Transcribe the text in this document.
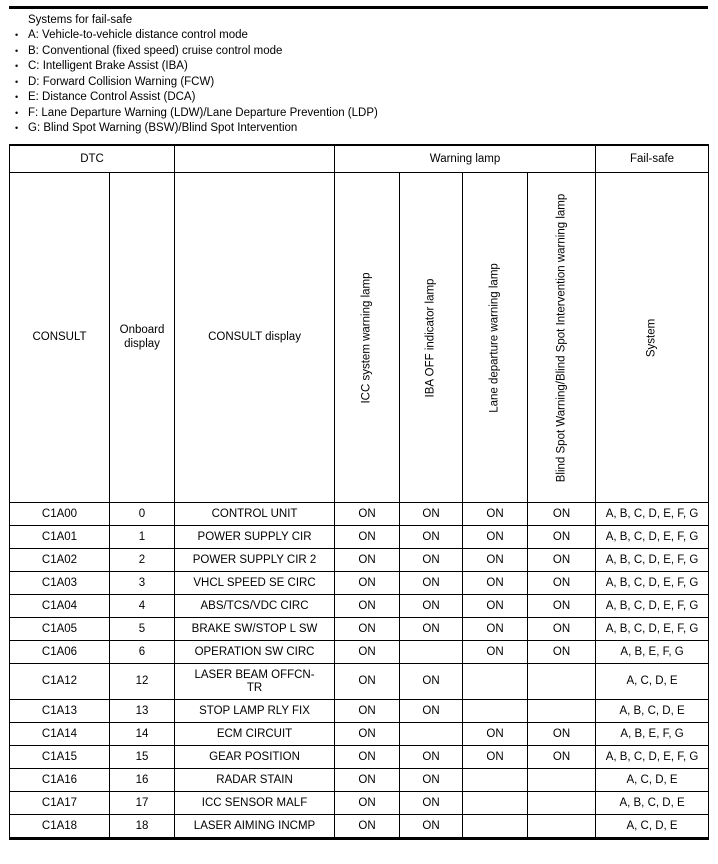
Systems for fail-safe
• A: Vehicle-to-vehicle distance control mode
• B: Conventional (fixed speed) cruise control mode
• C: Intelligent Brake Assist (IBA)
• D: Forward Collision Warning (FCW)
• E: Distance Control Assist (DCA)
• F: Lane Departure Warning (LDW)/Lane Departure Prevention (LDP)
• G: Blind Spot Warning (BSW)/Blind Spot Intervention
DTC			Warning lamp				Fail-safe

CONSULT	Onboard
display	CONSULT display	ICC system warning lamp	IBA OFF indicator lamp	Lane departure warning lamp	Blind Spot Warning/Blind Spot Intervention warning lamp	System

C1A00	0	CONTROL UNIT	ON	ON	ON	ON	A, B, C, D, E, F, G
C1A01	1	POWER SUPPLY CIR	ON	ON	ON	ON	A, B, C, D, E, F, G
C1A02	2	POWER SUPPLY CIR 2	ON	ON	ON	ON	A, B, C, D, E, F, G
C1A03	3	VHCL SPEED SE CIRC	ON	ON	ON	ON	A, B, C, D, E, F, G
C1A04	4	ABS/TCS/VDC CIRC	ON	ON	ON	ON	A, B, C, D, E, F, G
C1A05	5	BRAKE SW/STOP L SW	ON	ON	ON	ON	A, B, C, D, E, F, G
C1A06	6	OPERATION SW CIRC	ON		ON	ON	A, B, E, F, G
C1A12	12	LASER BEAM OFFCN-
TR	ON	ON			A, C, D, E
C1A13	13	STOP LAMP RLY FIX	ON	ON			A, B, C, D, E
C1A14	14	ECM CIRCUIT	ON		ON	ON	A, B, E, F, G
C1A15	15	GEAR POSITION	ON	ON	ON	ON	A, B, C, D, E, F, G
C1A16	16	RADAR STAIN	ON	ON			A, C, D, E
C1A17	17	ICC SENSOR MALF	ON	ON			A, B, C, D, E
C1A18	18	LASER AIMING INCMP	ON	ON			A, C, D, E
